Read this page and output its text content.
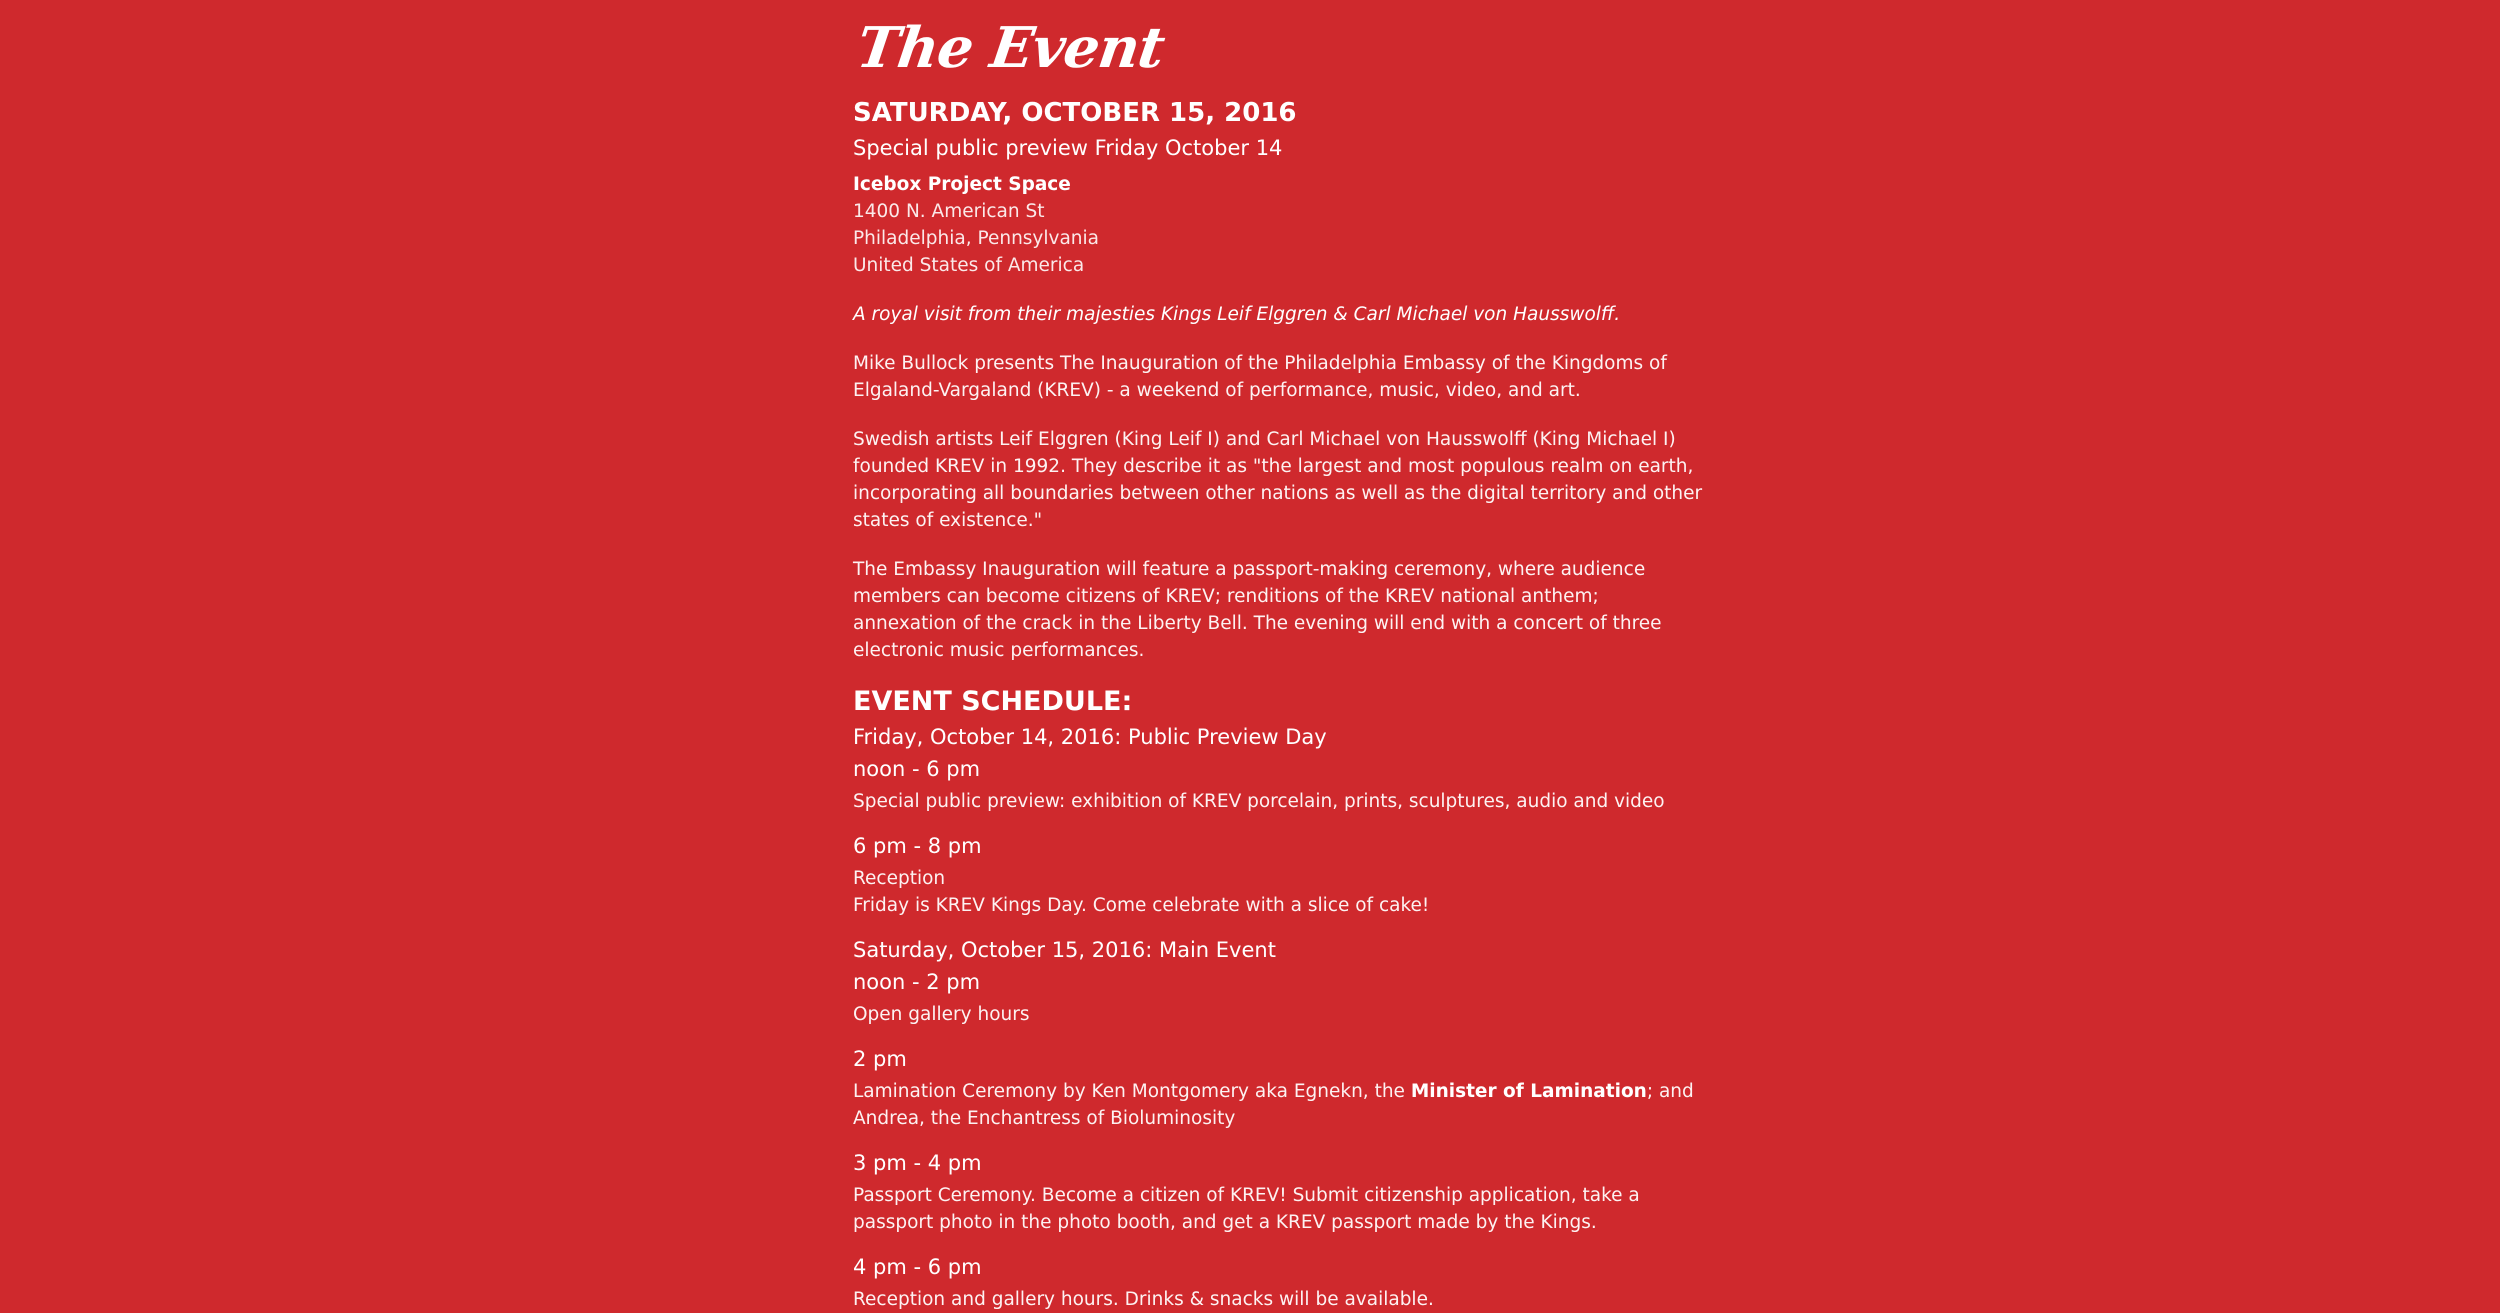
The Event
SATURDAY, OCTOBER 15, 2016
Special public preview Friday October 14
Icebox Project Space
1400 N. American St
Philadelphia, Pennsylvania
United States of America
A royal visit from their majesties Kings Leif Elggren & Carl Michael von Hausswolff.

Mike Bullock presents The Inauguration of the Philadelphia Embassy of the Kingdoms of Elgaland-Vargaland (KREV) - a weekend of performance, music, video, and art.

Swedish artists Leif Elggren (King Leif I) and Carl Michael von Hausswolff (King Michael I) founded KREV in 1992. They describe it as "the largest and most populous realm on earth, incorporating all boundaries between other nations as well as the digital territory and other states of existence."

The Embassy Inauguration will feature a passport-making ceremony, where audience members can become citizens of KREV; renditions of the KREV national anthem; annexation of the crack in the Liberty Bell. The evening will end with a concert of three electronic music performances.

EVENT SCHEDULE:
Friday, October 14, 2016: Public Preview Day
noon - 6 pm
Special public preview: exhibition of KREV porcelain, prints, sculptures, audio and video
6 pm - 8 pm
Reception
Friday is KREV Kings Day. Come celebrate with a slice of cake!
Saturday, October 15, 2016: Main Event
noon - 2 pm
Open gallery hours
2 pm
Lamination Ceremony by Ken Montgomery aka Egnekn, the Minister of Lamination; and Andrea, the Enchantress of Bioluminosity
3 pm - 4 pm
Passport Ceremony. Become a citizen of KREV! Submit citizenship application, take a passport photo in the photo booth, and get a KREV passport made by the Kings.
4 pm - 6 pm
Reception and gallery hours. Drinks & snacks will be available.
